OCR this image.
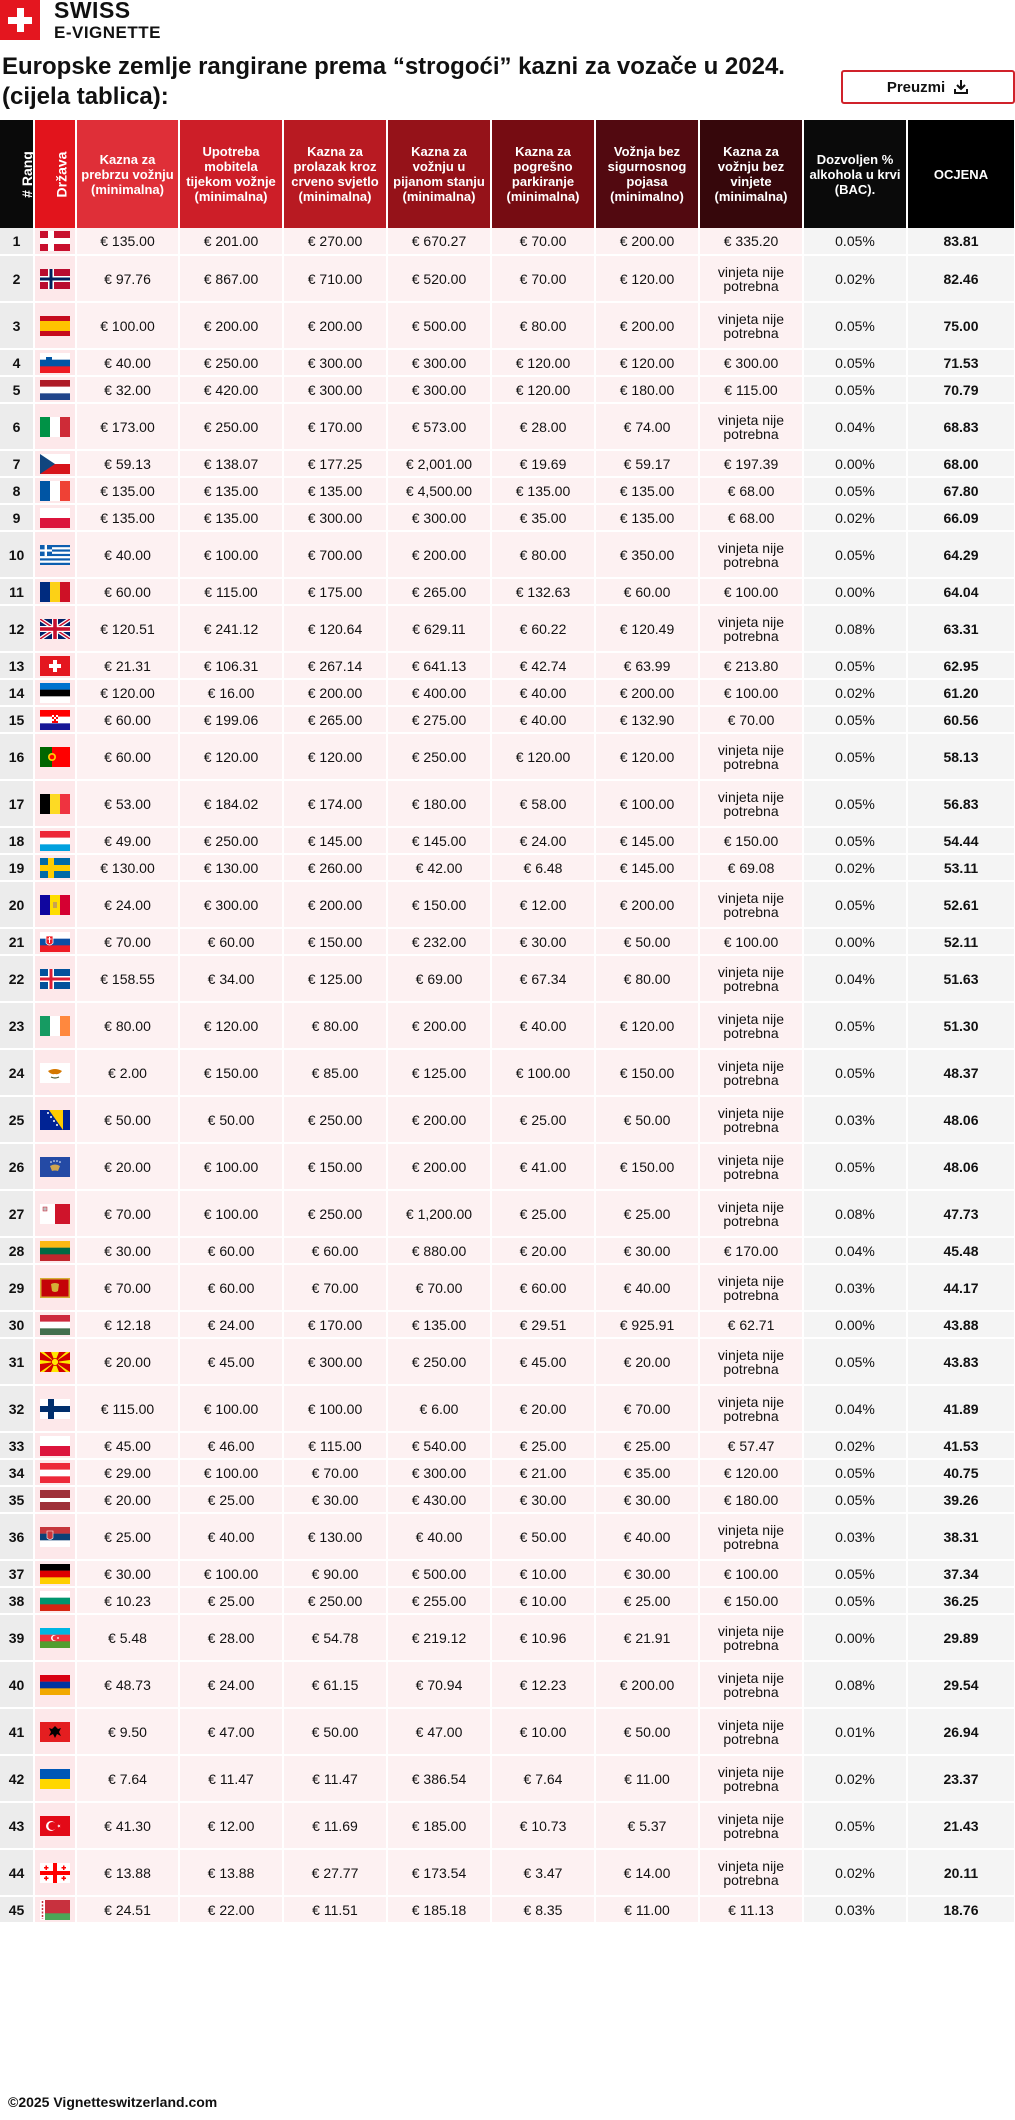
SWISS
E-VIGNETTE
Europske zemlje rangirane prema “strogoći” kazni za vozače u 2024. (cijela tablica):	Preuzmi
# Rang	Država	Kazna za prebrzu vožnju (minimalna)	Upotreba mobitela tijekom vožnje (minimalna)	Kazna za prolazak kroz crveno svjetlo (minimalna)	Kazna za vožnju u pijanom stanju (minimalna)	Kazna za pogrešno parkiranje (minimalna)	Vožnja bez sigurnosnog pojasa (minimalno)	Kazna za vožnju bez vinjete (minimalna)	Dozvoljen % alkohola u krvi (BAC).	OCJENA
1		€ 135.00	€ 201.00	€ 270.00	€ 670.27	€ 70.00	€ 200.00	€ 335.20	0.05%	83.81
2		€ 97.76	€ 867.00	€ 710.00	€ 520.00	€ 70.00	€ 120.00	vinjeta nije potrebna	0.02%	82.46
3		€ 100.00	€ 200.00	€ 200.00	€ 500.00	€ 80.00	€ 200.00	vinjeta nije potrebna	0.05%	75.00
4		€ 40.00	€ 250.00	€ 300.00	€ 300.00	€ 120.00	€ 120.00	€ 300.00	0.05%	71.53
5		€ 32.00	€ 420.00	€ 300.00	€ 300.00	€ 120.00	€ 180.00	€ 115.00	0.05%	70.79
6		€ 173.00	€ 250.00	€ 170.00	€ 573.00	€ 28.00	€ 74.00	vinjeta nije potrebna	0.04%	68.83
7		€ 59.13	€ 138.07	€ 177.25	€ 2,001.00	€ 19.69	€ 59.17	€ 197.39	0.00%	68.00
8		€ 135.00	€ 135.00	€ 135.00	€ 4,500.00	€ 135.00	€ 135.00	€ 68.00	0.05%	67.80
9		€ 135.00	€ 135.00	€ 300.00	€ 300.00	€ 35.00	€ 135.00	€ 68.00	0.02%	66.09
10		€ 40.00	€ 100.00	€ 700.00	€ 200.00	€ 80.00	€ 350.00	vinjeta nije potrebna	0.05%	64.29
11		€ 60.00	€ 115.00	€ 175.00	€ 265.00	€ 132.63	€ 60.00	€ 100.00	0.00%	64.04
12		€ 120.51	€ 241.12	€ 120.64	€ 629.11	€ 60.22	€ 120.49	vinjeta nije potrebna	0.08%	63.31
13		€ 21.31	€ 106.31	€ 267.14	€ 641.13	€ 42.74	€ 63.99	€ 213.80	0.05%	62.95
14		€ 120.00	€ 16.00	€ 200.00	€ 400.00	€ 40.00	€ 200.00	€ 100.00	0.02%	61.20
15		€ 60.00	€ 199.06	€ 265.00	€ 275.00	€ 40.00	€ 132.90	€ 70.00	0.05%	60.56
16		€ 60.00	€ 120.00	€ 120.00	€ 250.00	€ 120.00	€ 120.00	vinjeta nije potrebna	0.05%	58.13
17		€ 53.00	€ 184.02	€ 174.00	€ 180.00	€ 58.00	€ 100.00	vinjeta nije potrebna	0.05%	56.83
18		€ 49.00	€ 250.00	€ 145.00	€ 145.00	€ 24.00	€ 145.00	€ 150.00	0.05%	54.44
19		€ 130.00	€ 130.00	€ 260.00	€ 42.00	€ 6.48	€ 145.00	€ 69.08	0.02%	53.11
20		€ 24.00	€ 300.00	€ 200.00	€ 150.00	€ 12.00	€ 200.00	vinjeta nije potrebna	0.05%	52.61
21		€ 70.00	€ 60.00	€ 150.00	€ 232.00	€ 30.00	€ 50.00	€ 100.00	0.00%	52.11
22		€ 158.55	€ 34.00	€ 125.00	€ 69.00	€ 67.34	€ 80.00	vinjeta nije potrebna	0.04%	51.63
23		€ 80.00	€ 120.00	€ 80.00	€ 200.00	€ 40.00	€ 120.00	vinjeta nije potrebna	0.05%	51.30
24		€ 2.00	€ 150.00	€ 85.00	€ 125.00	€ 100.00	€ 150.00	vinjeta nije potrebna	0.05%	48.37
25		€ 50.00	€ 50.00	€ 250.00	€ 200.00	€ 25.00	€ 50.00	vinjeta nije potrebna	0.03%	48.06
26		€ 20.00	€ 100.00	€ 150.00	€ 200.00	€ 41.00	€ 150.00	vinjeta nije potrebna	0.05%	48.06
27		€ 70.00	€ 100.00	€ 250.00	€ 1,200.00	€ 25.00	€ 25.00	vinjeta nije potrebna	0.08%	47.73
28		€ 30.00	€ 60.00	€ 60.00	€ 880.00	€ 20.00	€ 30.00	€ 170.00	0.04%	45.48
29		€ 70.00	€ 60.00	€ 70.00	€ 70.00	€ 60.00	€ 40.00	vinjeta nije potrebna	0.03%	44.17
30		€ 12.18	€ 24.00	€ 170.00	€ 135.00	€ 29.51	€ 925.91	€ 62.71	0.00%	43.88
31		€ 20.00	€ 45.00	€ 300.00	€ 250.00	€ 45.00	€ 20.00	vinjeta nije potrebna	0.05%	43.83
32		€ 115.00	€ 100.00	€ 100.00	€ 6.00	€ 20.00	€ 70.00	vinjeta nije potrebna	0.04%	41.89
33		€ 45.00	€ 46.00	€ 115.00	€ 540.00	€ 25.00	€ 25.00	€ 57.47	0.02%	41.53
34		€ 29.00	€ 100.00	€ 70.00	€ 300.00	€ 21.00	€ 35.00	€ 120.00	0.05%	40.75
35		€ 20.00	€ 25.00	€ 30.00	€ 430.00	€ 30.00	€ 30.00	€ 180.00	0.05%	39.26
36		€ 25.00	€ 40.00	€ 130.00	€ 40.00	€ 50.00	€ 40.00	vinjeta nije potrebna	0.03%	38.31
37		€ 30.00	€ 100.00	€ 90.00	€ 500.00	€ 10.00	€ 30.00	€ 100.00	0.05%	37.34
38		€ 10.23	€ 25.00	€ 250.00	€ 255.00	€ 10.00	€ 25.00	€ 150.00	0.05%	36.25
39		€ 5.48	€ 28.00	€ 54.78	€ 219.12	€ 10.96	€ 21.91	vinjeta nije potrebna	0.00%	29.89
40		€ 48.73	€ 24.00	€ 61.15	€ 70.94	€ 12.23	€ 200.00	vinjeta nije potrebna	0.08%	29.54
41		€ 9.50	€ 47.00	€ 50.00	€ 47.00	€ 10.00	€ 50.00	vinjeta nije potrebna	0.01%	26.94
42		€ 7.64	€ 11.47	€ 11.47	€ 386.54	€ 7.64	€ 11.00	vinjeta nije potrebna	0.02%	23.37
43		€ 41.30	€ 12.00	€ 11.69	€ 185.00	€ 10.73	€ 5.37	vinjeta nije potrebna	0.05%	21.43
44		€ 13.88	€ 13.88	€ 27.77	€ 173.54	€ 3.47	€ 14.00	vinjeta nije potrebna	0.02%	20.11
45		€ 24.51	€ 22.00	€ 11.51	€ 185.18	€ 8.35	€ 11.00	€ 11.13	0.03%	18.76
©2025 Vignetteswitzerland.com
